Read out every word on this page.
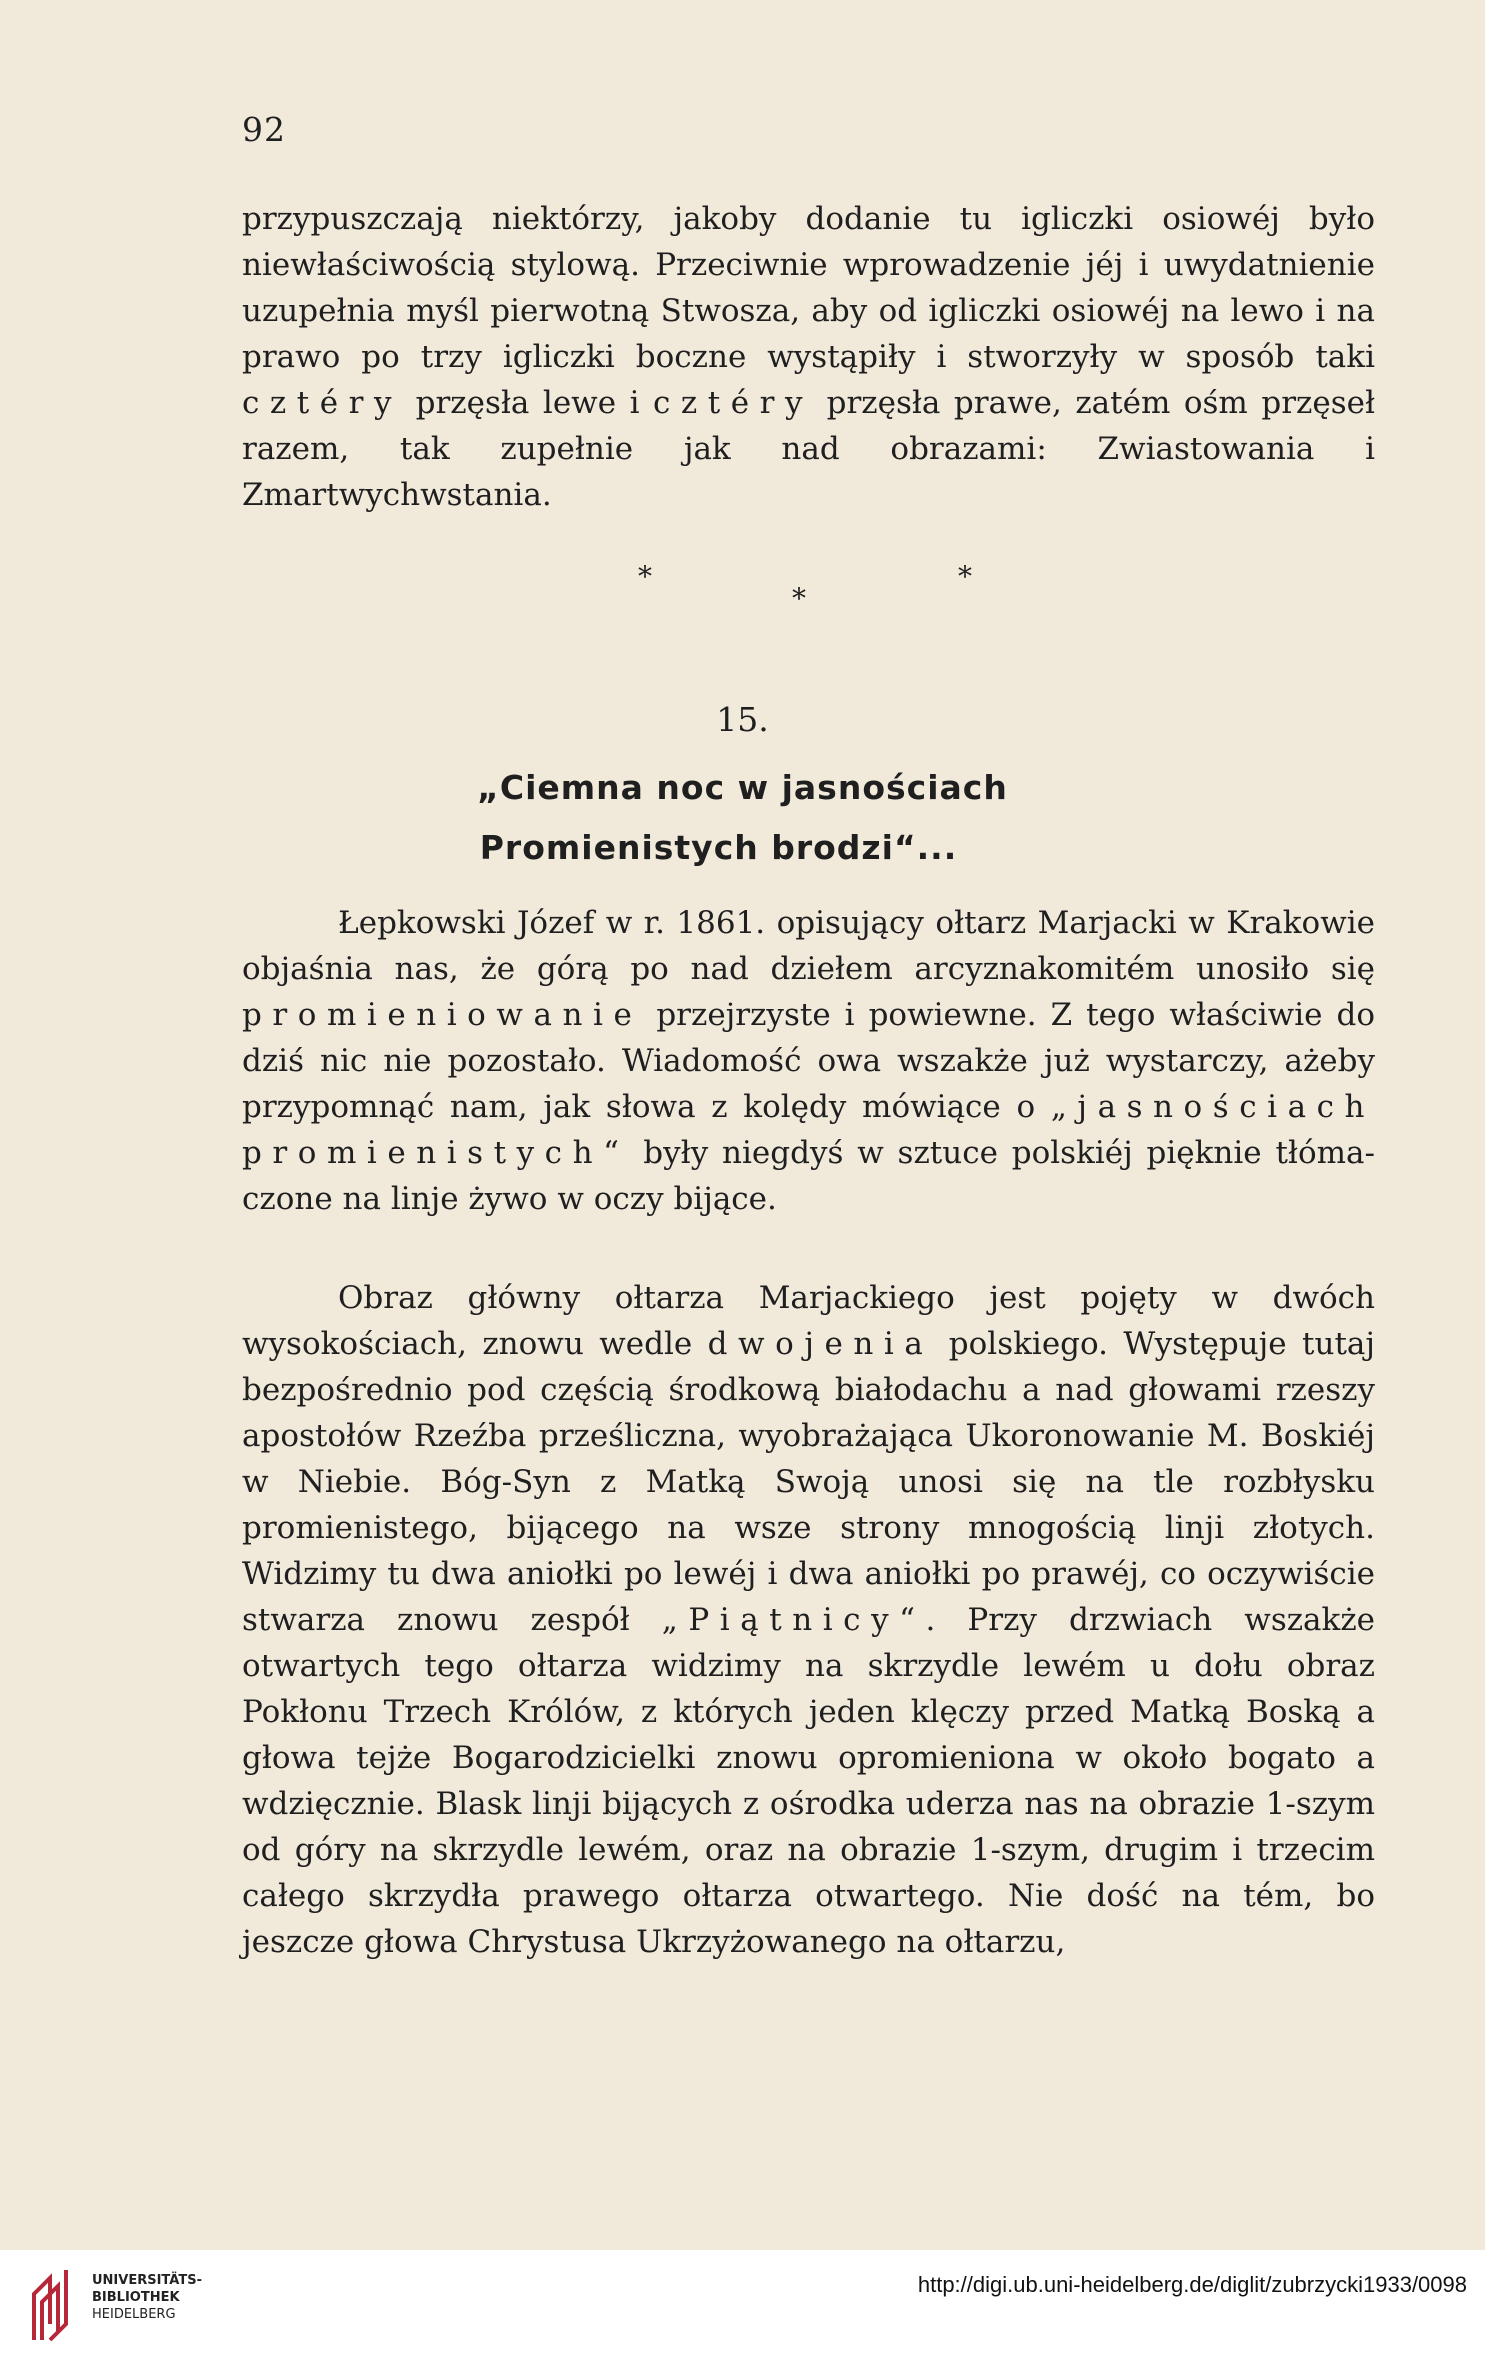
92

przypuszczają niektórzy, jakoby dodanie tu igliczki osiowéj było niewłaściwością stylową. Przeciwnie wprowadzenie jéj i uwydatnienie uzupełnia myśl pierwotną Stwosza, aby od igliczki osiowéj na lewo i na prawo po trzy igliczki boczne wystąpiły i stworzyły w sposób taki cztéry przęsła lewe i cztéry przęsła prawe, zatém ośm przęseł razem, tak zupełnie jak nad obrazami: Zwiastowania i Zmartwychwstania.

*
*
*
15.
„Ciemna noc w jasnościach
Promienistych brodzi“...

Łepkowski Józef w r. 1861. opisujący ołtarz Marjacki w Krakowie objaśnia nas, że górą po nad dziełem arcyznakomitém unosiło się promieniowanie przejrzyste i powiewne. Z tego właściwie do dziś nic nie pozostało. Wiadomość owa wszakże już wystarczy, ażeby przypomnąć nam, jak słowa z kolędy mówiące o „jasnościach promienistych“ były niegdyś w sztuce polskiéj pięknie tłómaczone na linje żywo w oczy bijące.

Obraz główny ołtarza Marjackiego jest pojęty w dwóch wysokościach, znowu wedle dwojenia polskiego. Występuje tutaj bezpośrednio pod częścią środkową białodachu a nad głowami rzeszy apostołów Rzeźba prześliczna, wyobrażająca Ukoronowanie M. Boskiéj w Niebie. Bóg-Syn z Matką Swoją unosi się na tle rozbłysku promienistego, bijącego na wsze strony mnogością linji złotych. Widzimy tu dwa aniołki po lewéj i dwa aniołki po prawéj, co oczywiście stwarza znowu zespół „Piątnicy“. Przy drzwiach wszakże otwartych tego ołtarza widzimy na skrzydle lewém u dołu obraz Pokłonu Trzech Królów, z których jeden klęczy przed Matką Boską a głowa tejże Bogarodzicielki znowu opromieniona w około bogato a wdzięcznie. Blask linji bijących z ośrodka uderza nas na obrazie 1-szym od góry na skrzydle lewém, oraz na obrazie 1-szym, drugim i trzecim całego skrzydła prawego ołtarza otwartego. Nie dość na tém, bo jeszcze głowa Chrystusa Ukrzyżowanego na ołtarzu,

UNIVERSITÄTS-
BIBLIOTHEK
HEIDELBERG
http://digi.ub.uni-heidelberg.de/diglit/zubrzycki1933/0098
